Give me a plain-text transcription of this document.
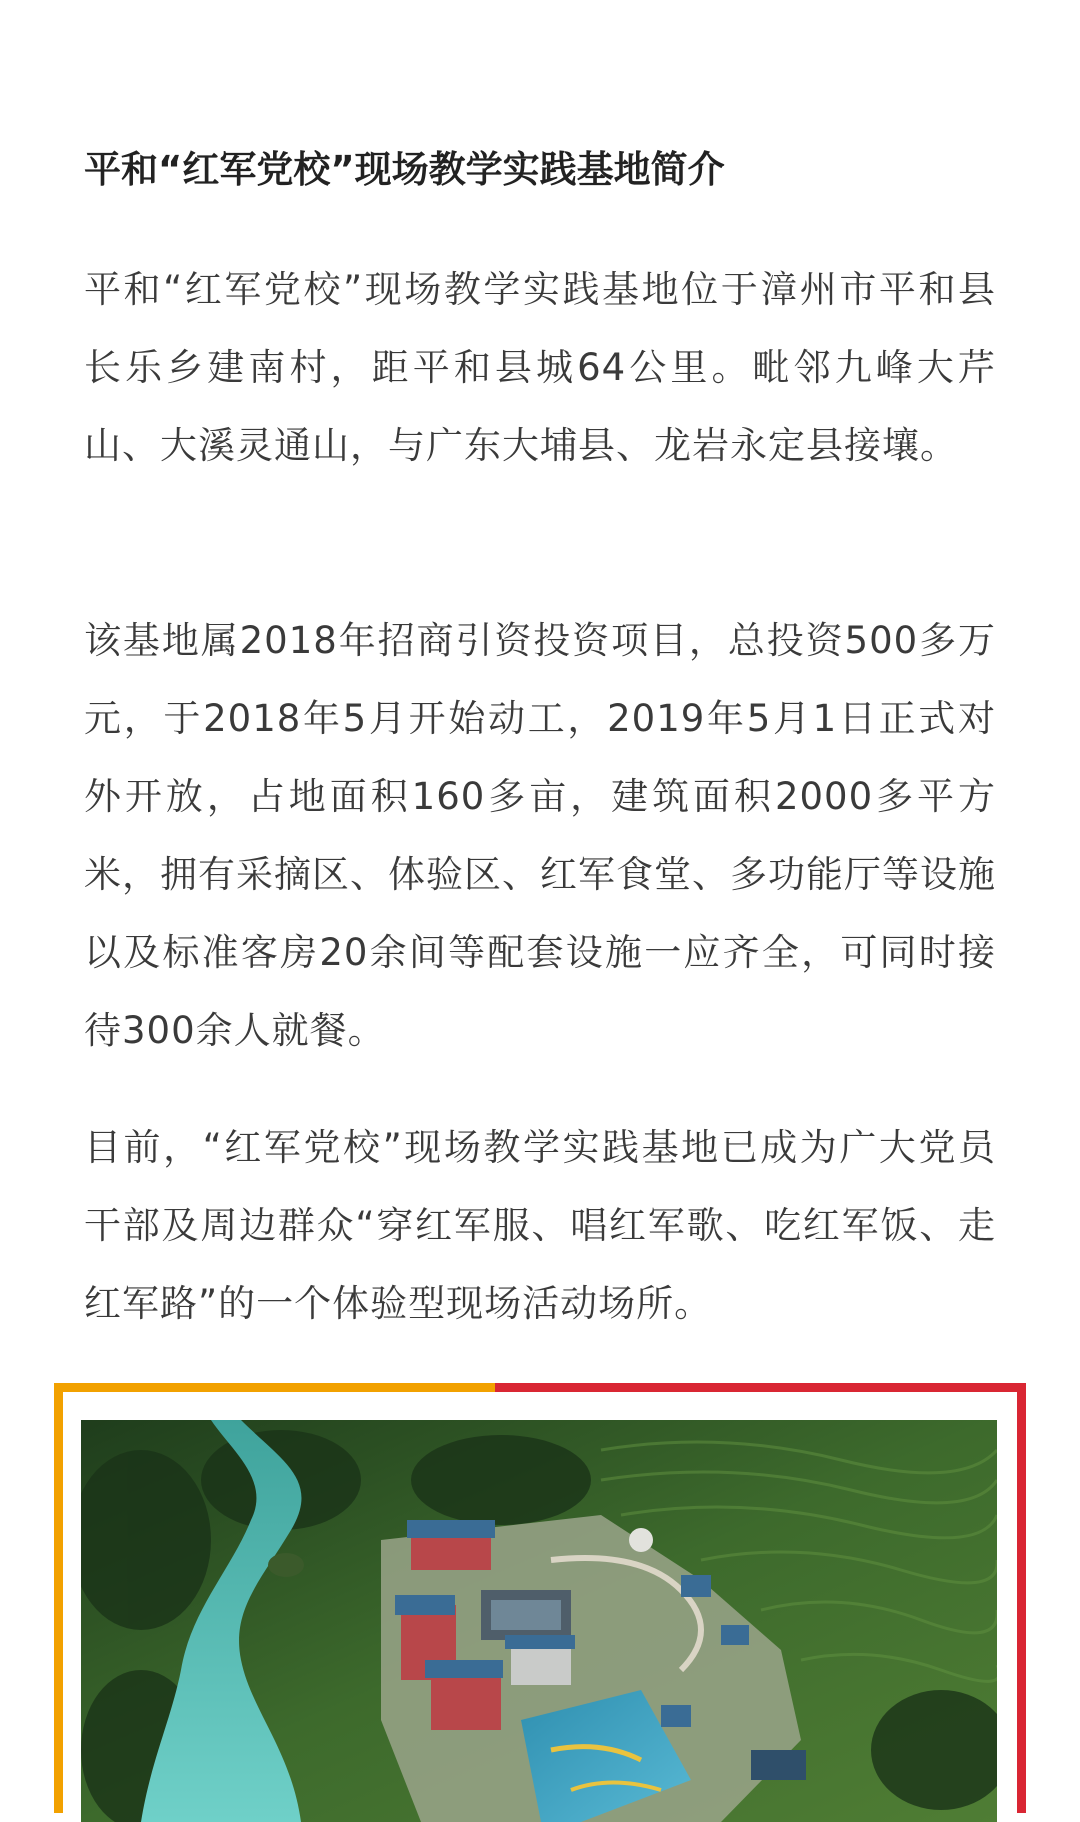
平和“红军党校”现场教学实践基地简介

平和“红军党校”现场教学实践基地位于漳州市平和县长乐乡建南村，距平和县城64公里。毗邻九峰大芹山、大溪灵通山，与广东大埔县、龙岩永定县接壤。

该基地属2018年招商引资投资项目，总投资500多万元，于2018年5月开始动工，2019年5月1日正式对外开放，占地面积160多亩，建筑面积2000多平方米，拥有采摘区、体验区、红军食堂、多功能厅等设施以及标准客房20余间等配套设施一应齐全，可同时接待300余人就餐。

目前，“红军党校”现场教学实践基地已成为广大党员干部及周边群众“穿红军服、唱红军歌、吃红军饭、走红军路”的一个体验型现场活动场所。
